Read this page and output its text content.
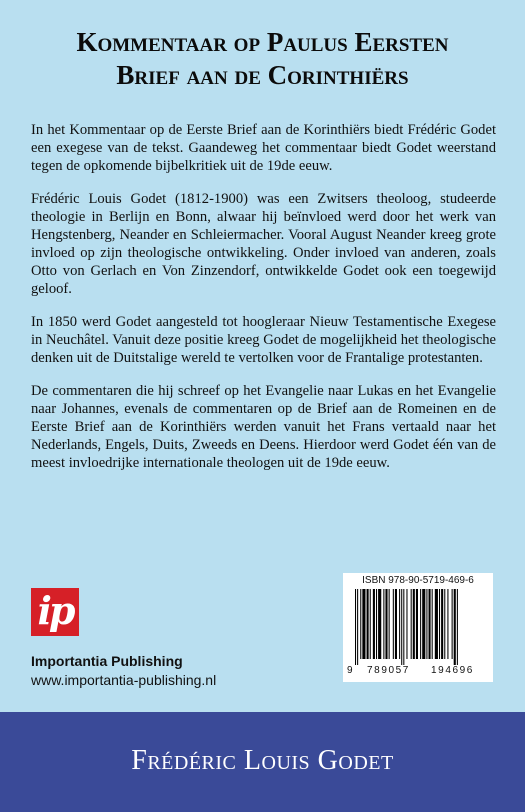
Kommentaar op Paulus Eersten
Brief aan de Corinthiërs

In het Kommentaar op de Eerste Brief aan de Korinthiërs biedt Frédéric Godet een exegese van de tekst. Gaandeweg het commentaar biedt Godet weerstand tegen de opkomende bijbelkritiek uit de 19de eeuw.

Frédéric Louis Godet (1812-1900) was een Zwitsers theoloog, studeerde theologie in Berlijn en Bonn, alwaar hij beïnvloed werd door het werk van Hengstenberg, Neander en Schleiermacher. Vooral August Neander kreeg grote invloed op zijn theologische ontwikkeling. Onder invloed van anderen, zoals Otto von Gerlach en Von Zinzendorf, ontwikkelde Godet ook een toegewijd geloof.

In 1850 werd Godet aangesteld tot hoogleraar Nieuw Testamentische Exegese in Neuchâtel. Vanuit deze positie kreeg Godet de mogelijkheid het theologische denken uit de Duitstalige wereld te vertolken voor de Frantalige protestanten.

De commentaren die hij schreef op het Evangelie naar Lukas en het Evangelie naar Johannes, evenals de commentaren op de Brief aan de Romeinen en de Eerste Brief aan de Korinthiërs werden vanuit het Frans vertaald naar het Nederlands, Engels, Duits, Zweeds en Deens. Hierdoor werd Godet één van de meest invloedrijke internationale theologen uit de 19de eeuw.

ip
Importantia Publishing
www.importantia-publishing.nl
ISBN 978-90-5719-469-6
9 789057 194696
Frédéric Louis Godet
